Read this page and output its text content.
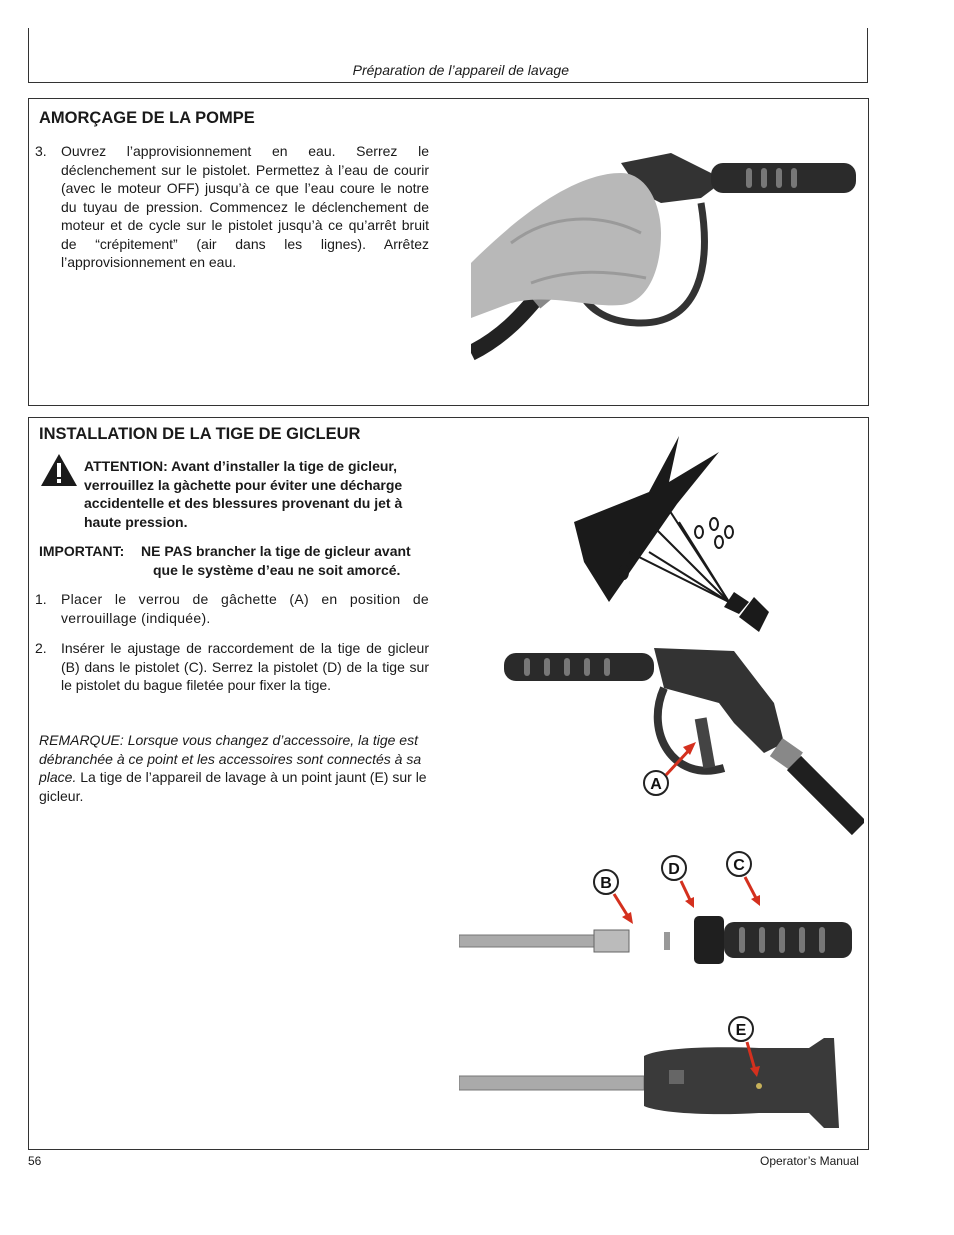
Préparation de l’appareil de lavage
AMORÇAGE DE LA POMPE
3. Ouvrez l’approvisionnement en eau. Serrez le déclenchement sur le pistolet. Permettez à l’eau de courir (avec le moteur OFF) jusqu’à ce que l’eau coure le notre du tuyau de pression. Commencez le déclenchement de moteur et de cycle sur le pistolet jusqu’à ce qu’arrêt bruit de “crépitement” (air dans les lignes). Arrêtez l’approvisionnement en eau.
INSTALLATION DE LA TIGE DE GICLEUR
ATTENTION: Avant d’installer la tige de gicleur, verrouillez la gàchette pour éviter une décharge accidentelle et des blessures provenant du jet à haute pression.
IMPORTANT: NE PAS brancher la tige de gicleur avant
que le système d’eau ne soit amorcé.
1. Placer le verrou de gâchette (A) en position de verrouillage (indiquée).
2. Insérer le ajustage de raccordement de la tige de gicleur (B) dans le pistolet (C). Serrez la pistolet (D) de la tige sur le pistolet du bague filetée pour fixer la tige.
REMARQUE: Lorsque vous changez d’accessoire, la tige est débranchée à ce point et les accessoires sont connectés à sa place. La tige de l’appareil de lavage à un point jaunt (E) sur le gicleur.
A
B
D	C
E
56	Operator’s Manual
